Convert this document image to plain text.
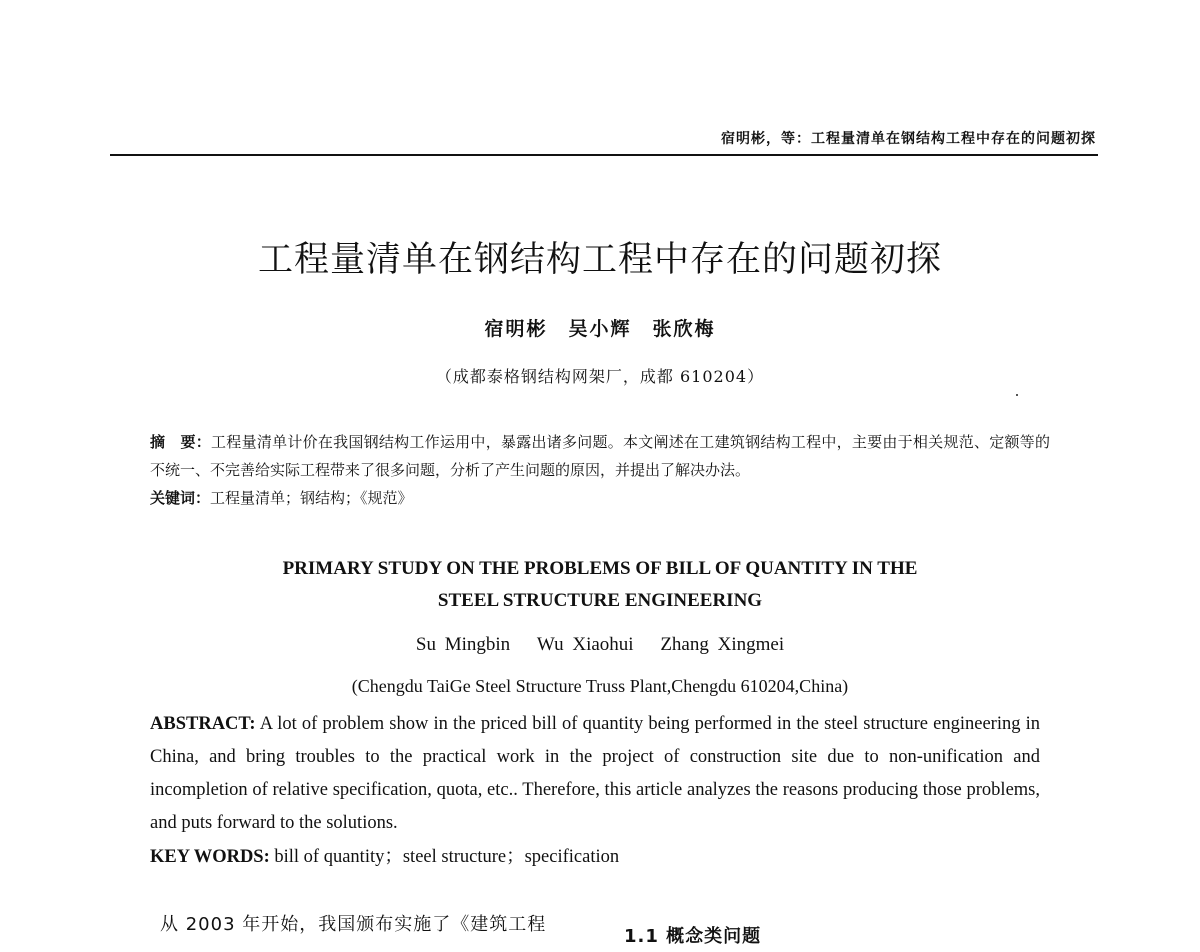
宿明彬，等：工程量清单在钢结构工程中存在的问题初探
工程量清单在钢结构工程中存在的问题初探
宿明彬　吴小辉　张欣梅
（成都泰格钢结构网架厂，成都 610204）
摘　要：工程量清单计价在我国钢结构工作运用中，暴露出诸多问题。本文阐述在工建筑钢结构工程中，主要由于相关规范、定额等的不统一、不完善给实际工程带来了很多问题，分析了产生问题的原因，并提出了解决办法。
关键词：工程量清单；钢结构；《规范》
PRIMARY STUDY ON THE PROBLEMS OF BILL OF QUANTITY IN THE
STEEL STRUCTURE ENGINEERING
Su Mingbin Wu Xiaohui Zhang Xingmei
(Chengdu TaiGe Steel Structure Truss Plant,Chengdu 610204,China)
ABSTRACT: A lot of problem show in the priced bill of quantity being performed in the steel structure engineering in China, and bring troubles to the practical work in the project of construction site due to non-unification and incompletion of relative specification, quota, etc.. Therefore, this article analyzes the reasons producing those problems, and puts forward to the solutions.
KEY WORDS: bill of quantity；steel structure；specification
从 2003 年开始，我国颁布实施了《建筑工程
1.1 概念类问题
